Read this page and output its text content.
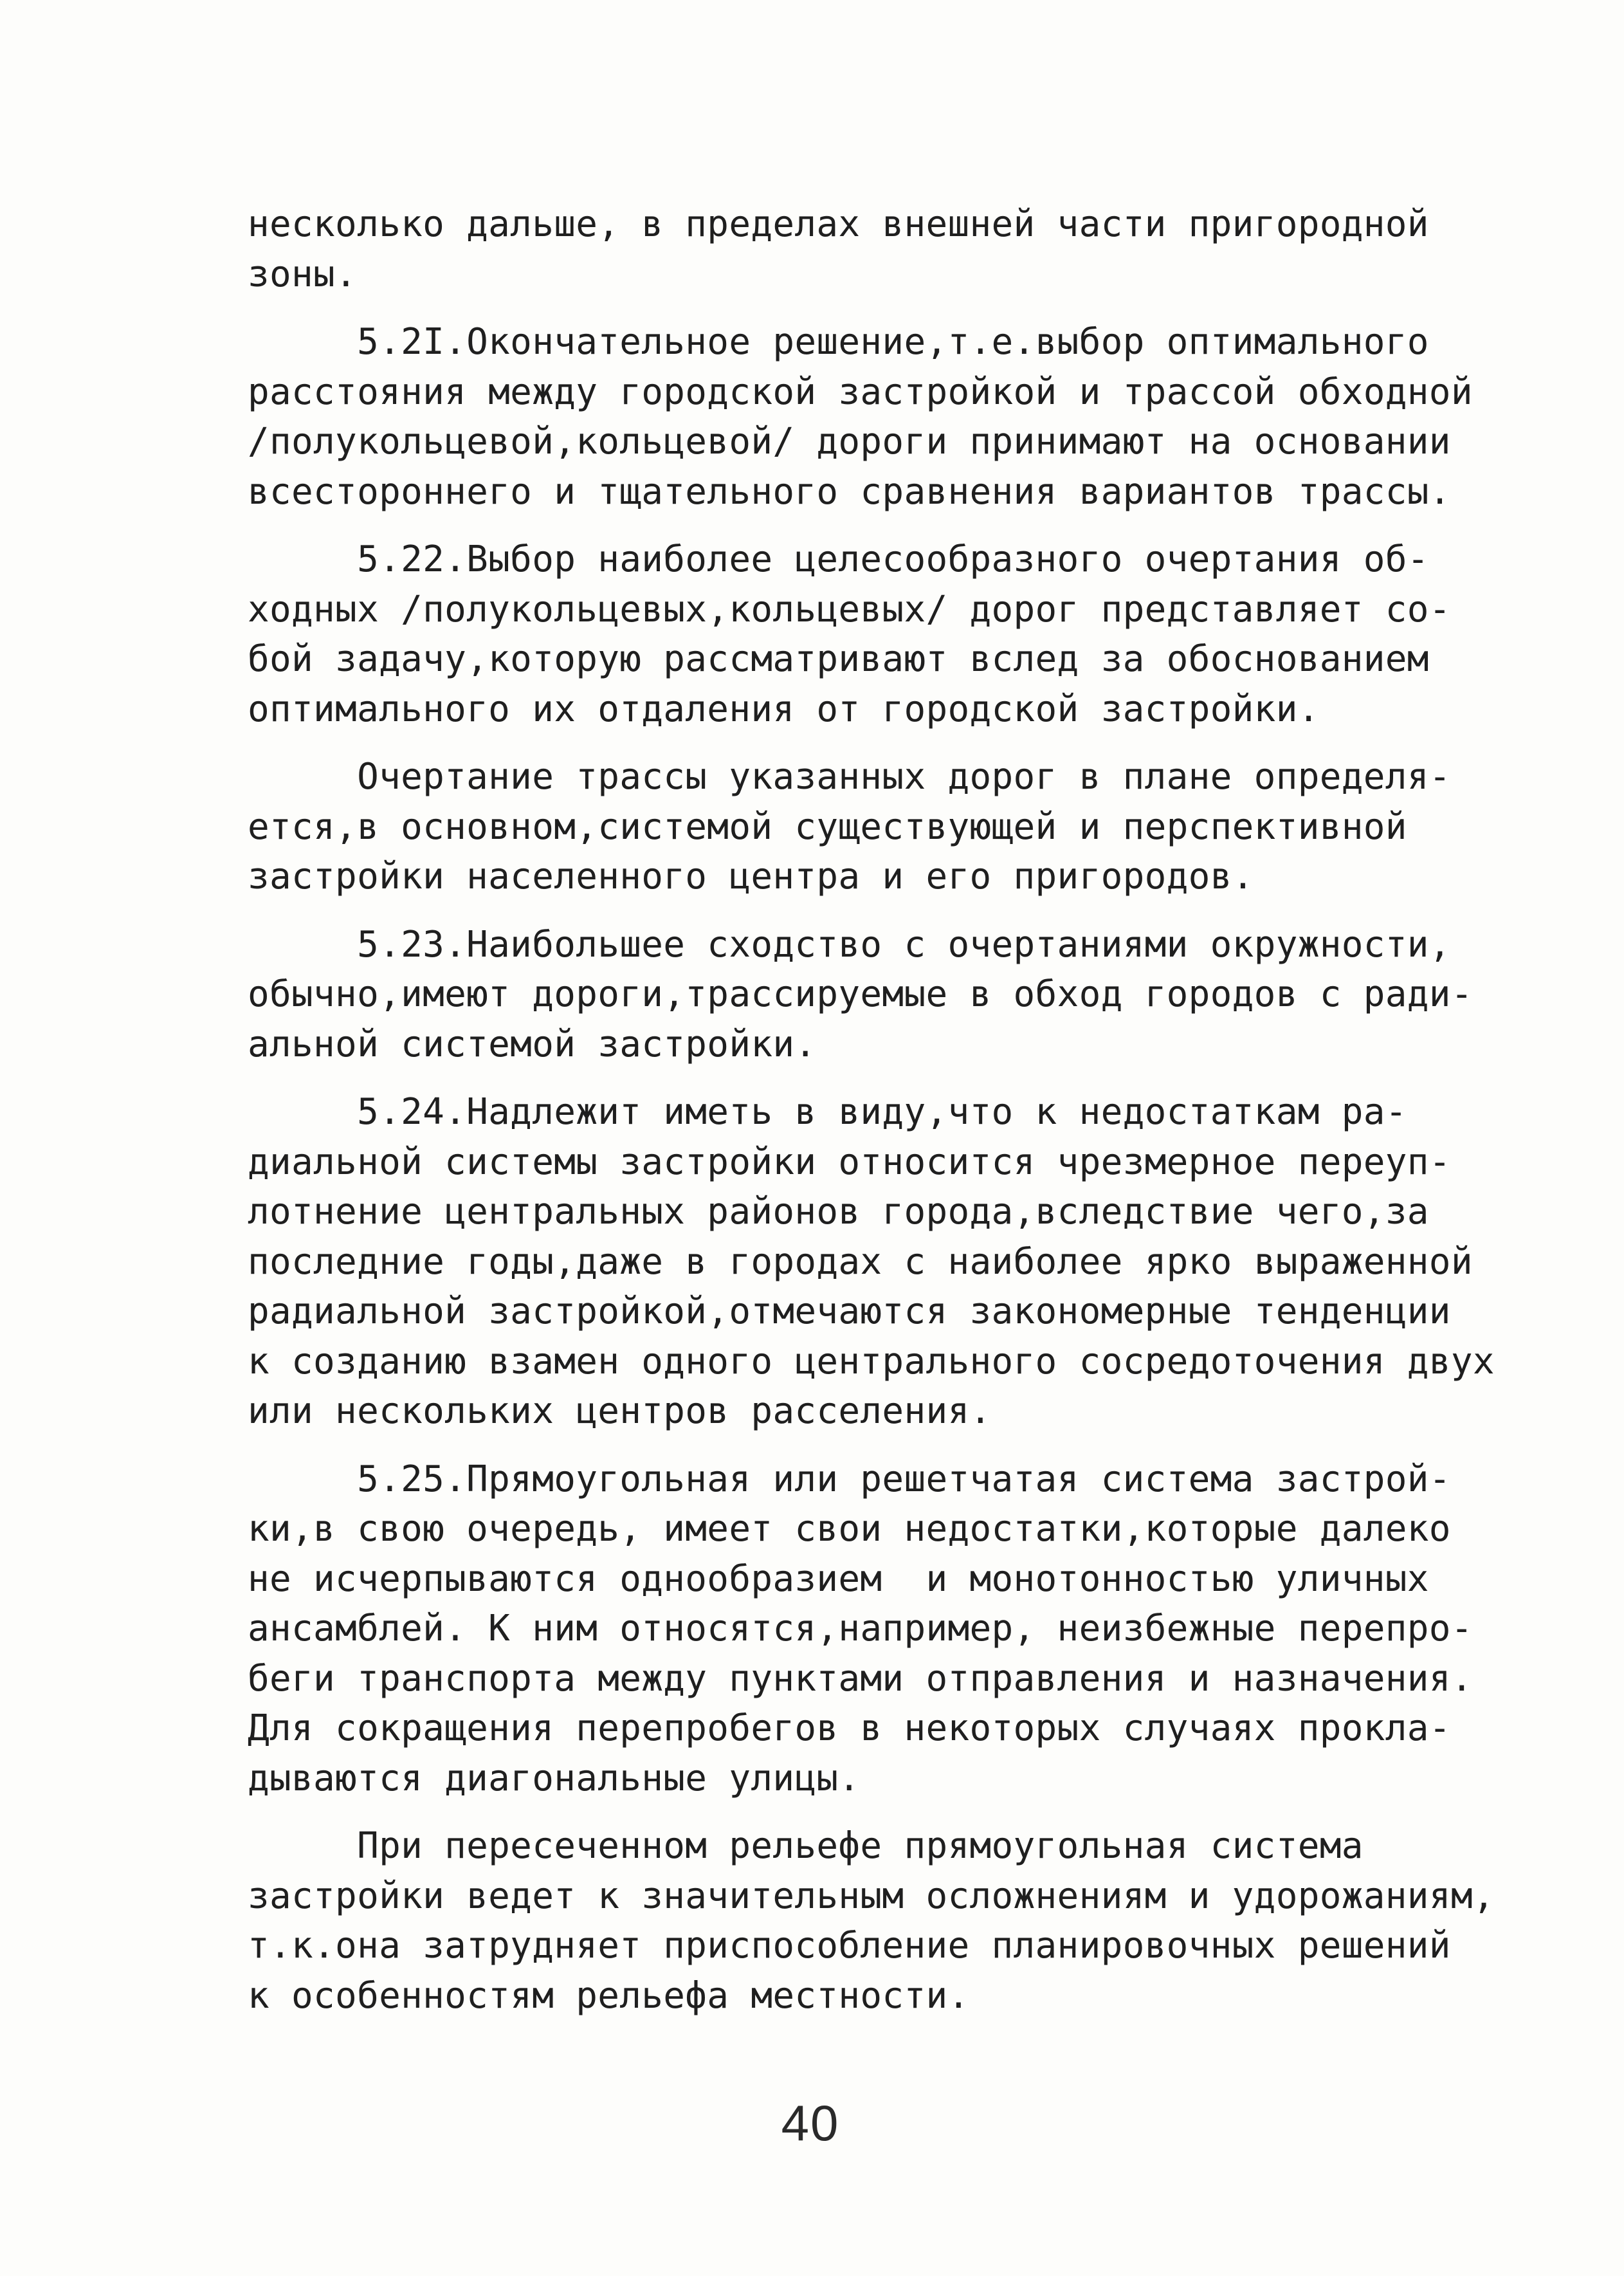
несколько дальше, в пределах внешней части пригородной
зоны.
5.2I.Окончательное решение,т.е.выбор оптимального
расстояния между городской застройкой и трассой обходной
/полукольцевой,кольцевой/ дороги принимают на основании
всестороннего и тщательного сравнения вариантов трассы.
5.22.Выбор наиболее целесообразного очертания об-
ходных /полукольцевых,кольцевых/ дорог представляет со-
бой задачу,которую рассматривают вслед за обоснованием
оптимального их отдаления от городской застройки.
Очертание трассы указанных дорог в плане определя-
ется,в основном,системой существующей и перспективной
застройки населенного центра и его пригородов.
5.23.Наибольшее сходство с очертаниями окружности,
обычно,имеют дороги,трассируемые в обход городов с ради-
альной системой застройки.
5.24.Надлежит иметь в виду,что к недостаткам ра-
диальной системы застройки относится чрезмерное переуп-
лотнение центральных районов города,вследствие чего,за
последние годы,даже в городах с наиболее ярко выраженной
радиальной застройкой,отмечаются закономерные тенденции
к созданию взамен одного центрального сосредоточения двух
или нескольких центров расселения.
5.25.Прямоугольная или решетчатая система застрой-
ки,в свою очередь, имеет свои недостатки,которые далеко
не исчерпываются однообразием  и монотонностью уличных
ансамблей. К ним относятся,например, неизбежные перепро-
беги транспорта между пунктами отправления и назначения.
Для сокращения перепробегов в некоторых случаях прокла-
дываются диагональные улицы.
При пересеченном рельефе прямоугольная система
застройки ведет к значительным осложнениям и удорожаниям,
т.к.она затрудняет приспособление планировочных решений
к особенностям рельефа местности.
40
